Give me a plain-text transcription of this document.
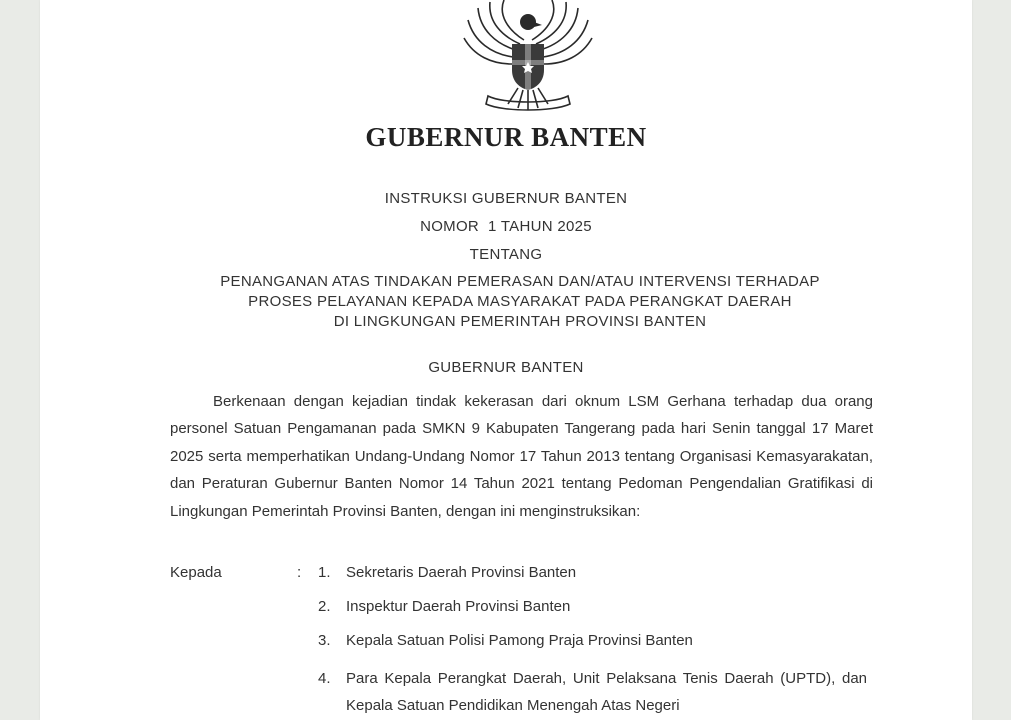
GUBERNUR BANTEN
INSTRUKSI GUBERNUR BANTEN
NOMOR  1 TAHUN 2025
TENTANG
PENANGANAN ATAS TINDAKAN PEMERASAN DAN/ATAU INTERVENSI TERHADAP
PROSES PELAYANAN KEPADA MASYARAKAT PADA PERANGKAT DAERAH
DI LINGKUNGAN PEMERINTAH PROVINSI BANTEN
GUBERNUR BANTEN
Berkenaan dengan kejadian tindak kekerasan dari oknum LSM Gerhana terhadap dua orang personel Satuan Pengamanan pada SMKN 9 Kabupaten Tangerang pada hari Senin tanggal 17 Maret 2025 serta memperhatikan Undang-Undang Nomor 17 Tahun 2013 tentang Organisasi Kemasyarakatan, dan Peraturan Gubernur Banten Nomor 14 Tahun 2021 tentang Pedoman Pengendalian Gratifikasi di Lingkungan Pemerintah Provinsi Banten, dengan ini menginstruksikan:
Kepada	: 1. Sekretaris Daerah Provinsi Banten
2. Inspektur Daerah Provinsi Banten
3. Kepala Satuan Polisi Pamong Praja Provinsi Banten
4. Para Kepala Perangkat Daerah, Unit Pelaksana Tenis Daerah (UPTD), dan Kepala Satuan Pendidikan Menengah Atas Negeri
